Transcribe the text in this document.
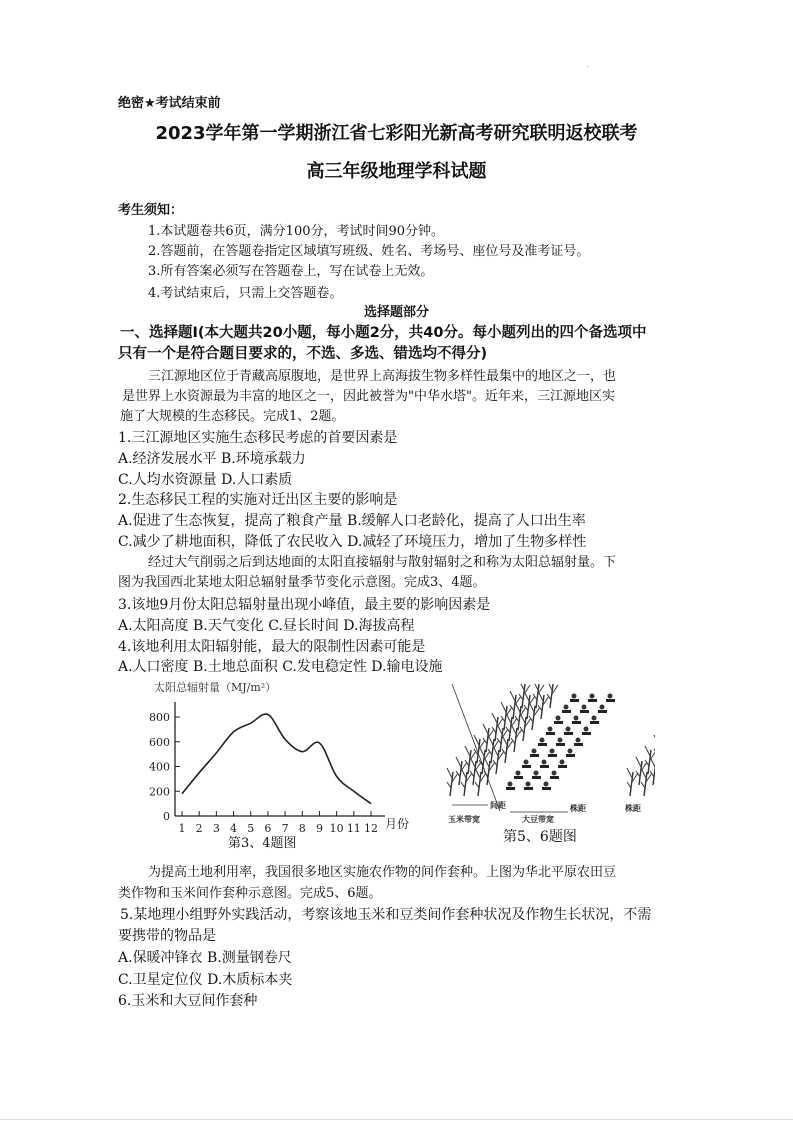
绝密★考试结束前
2023学年第一学期浙江省七彩阳光新高考研究联明返校联考
高三年级地理学科试题
考生须知：
1.本试题卷共6页，满分100分，考试时间90分钟。
2.答题前，在答题卷指定区域填写班级、姓名、考场号、座位号及准考证号。
3.所有答案必须写在答题卷上，写在试卷上无效。
4.考试结束后，只需上交答题卷。
选择题部分
一、选择题Ⅰ(本大题共20小题，每小题2分，共40分。每小题列出的四个备选项中
只有一个是符合题目要求的，不选、多选、错选均不得分)
三江源地区位于青藏高原腹地，是世界上高海拔生物多样性最集中的地区之一，也
是世界上水资源最为丰富的地区之一，因此被誉为"中华水塔"。近年来，三江源地区实
施了大规模的生态移民。完成1、2题。
1.三江源地区实施生态移民考虑的首要因素是
A.经济发展水平 B.环境承载力
C.人均水资源量 D.人口素质
2.生态移民工程的实施对迁出区主要的影响是
A.促进了生态恢复，提高了粮食产量 B.缓解人口老龄化，提高了人口出生率
C.减少了耕地面积，降低了农民收入 D.减轻了环境压力，增加了生物多样性
经过大气削弱之后到达地面的太阳直接辐射与散射辐射之和称为太阳总辐射量。下
图为我国西北某地太阳总辐射量季节变化示意图。完成3、4题。
3.该地9月份太阳总辐射量出现小峰值，最主要的影响因素是
A.太阳高度 B.天气变化 C.昼长时间 D.海拔高程
4.该地利用太阳辐射能，最大的限制性因素可能是
A.人口密度 B.土地总面积 C.发电稳定性 D.输电设施
太阳总辐射量（MJ/m²）
月份
0
200
400
600
800
1 2 3 4 5 6 7 8 9 10 11 12
第3、4题图
玉米带宽
间距
大豆带宽
株距	株距
第5、6题图
为提高土地利用率，我国很多地区实施农作物的间作套种。上图为华北平原农田豆
类作物和玉米间作套种示意图。完成5、6题。
5.某地理小组野外实践活动，考察该地玉米和豆类间作套种状况及作物生长状况，不需
要携带的物品是
A.保暖冲锋衣 B.测量钢卷尺
C.卫星定位仪 D.木质标本夹
6.玉米和大豆间作套种
